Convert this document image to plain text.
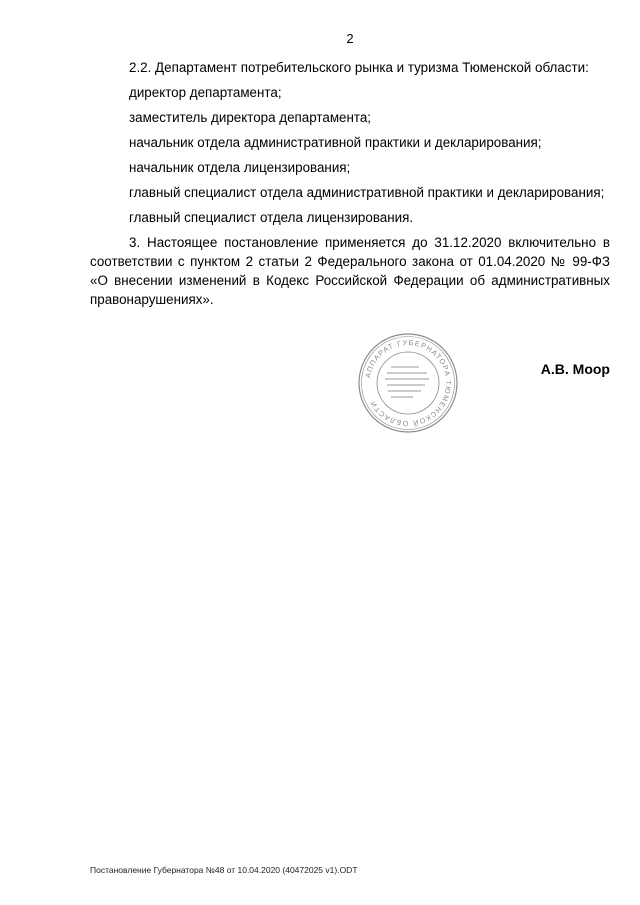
2

2.2. Департамент потребительского рынка и туризма Тюменской области:

директор департамента;

заместитель директора департамента;

начальник отдела административной практики и декларирования;

начальник отдела лицензирования;

главный специалист отдела административной практики и декларирования;

главный специалист отдела лицензирования.

3. Настоящее постановление применяется до 31.12.2020 включительно в соответствии с пунктом 2 статьи 2 Федерального закона от 01.04.2020 № 99-ФЗ «О внесении изменений в Кодекс Российской Федерации об административных правонарушениях».

АППАРАТ ГУБЕРНАТОРА ТЮМЕНСКОЙ ОБЛАСТИ
А.В. Моор
Постановление Губернатора №48 от 10.04.2020 (40472025 v1).ODT
